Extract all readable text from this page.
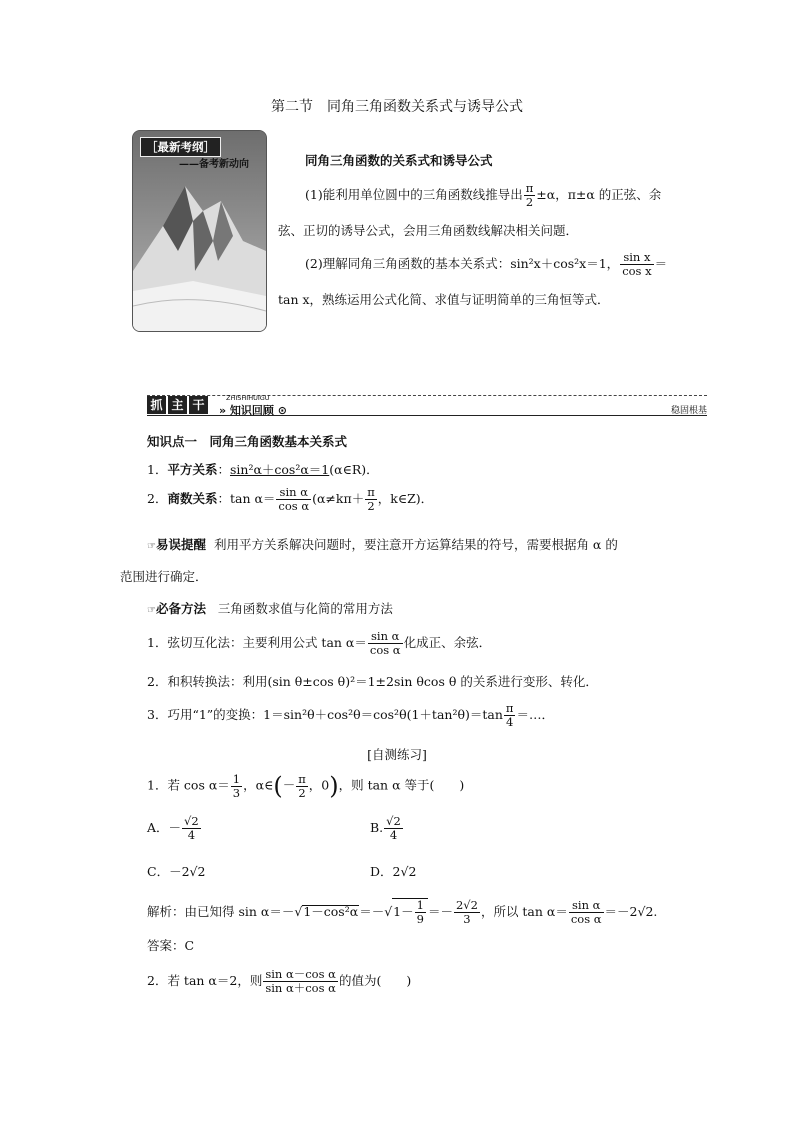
第二节　同角三角函数关系式与诱导公式
［最新考纲］
——备考新动向	同角三角函数的关系式和诱导公式
(1)能利用单位圆中的三角函数线推导出 $\frac{\pi}{2} \pm\alpha$，π±α 的正弦、余
弦、正切的诱导公式，会用三角函数线解决相关问题．
(2)理解同角三角函数的基本关系式：sin²x＋cos²x＝1， $\frac{\text{sin x}}{\text{cos x}}$ ＝
tan x，熟练运用公式化简、求值与证明简单的三角恒等式．
抓 主 干	ZHISHIHUIGU
» 知识回顾 ⊙	稳固根基
知识点一　同角三角函数基本关系式
1．平方关系：sin²α＋cos²α＝1(α∈R)．
2．商数关系：$\tan \alpha= \frac{\text{sin α}}{\text{cos α}} (\alpha\ne k\pi+ \frac{\pi}{2}$ ，k∈Z)．
☞易误提醒 利用平方关系解决问题时，要注意开方运算结果的符号，需要根据角 α 的
范围进行确定．
☞必备方法 三角函数求值与化简的常用方法
1．弦切互化法：主要利用公式 $\tan \alpha= \frac{\text{sin α}}{\text{cos α}}$ 化成正、余弦．
2．和积转换法：利用(sin θ±cos θ)²＝1±2sin θcos θ 的关系进行变形、转化．
3．巧用“1”的变换：$1=\sin^2\theta+\cos^2\theta=\cos^2\theta(1+\tan^2\theta)=\tan \frac{\pi}{4}$ ＝…．
[自测练习]
1．若 $\cos \alpha= \frac{1}{3}$ ，α∈(－ $\frac{\pi}{2}$ ，0)，则 tan α 等于(　　)
A．－ $\frac{√2}{4}$	B. $\frac{√2}{4}$
C．－2√2	D．2√2
解析：由已知得 $\sin \alpha=-√1-\cos^2\alpha=-√1- \frac{1}{9} =- \frac{2√2}{3}$ ，所以 $\tan \alpha= \frac{\text{sin α}}{\text{cos α}} =-2√2$.
答案：C
2．若 tan α＝2，则 $\frac{\text{sin α－cos α}}{\text{sin α＋cos α}}$ 的值为(　　)
